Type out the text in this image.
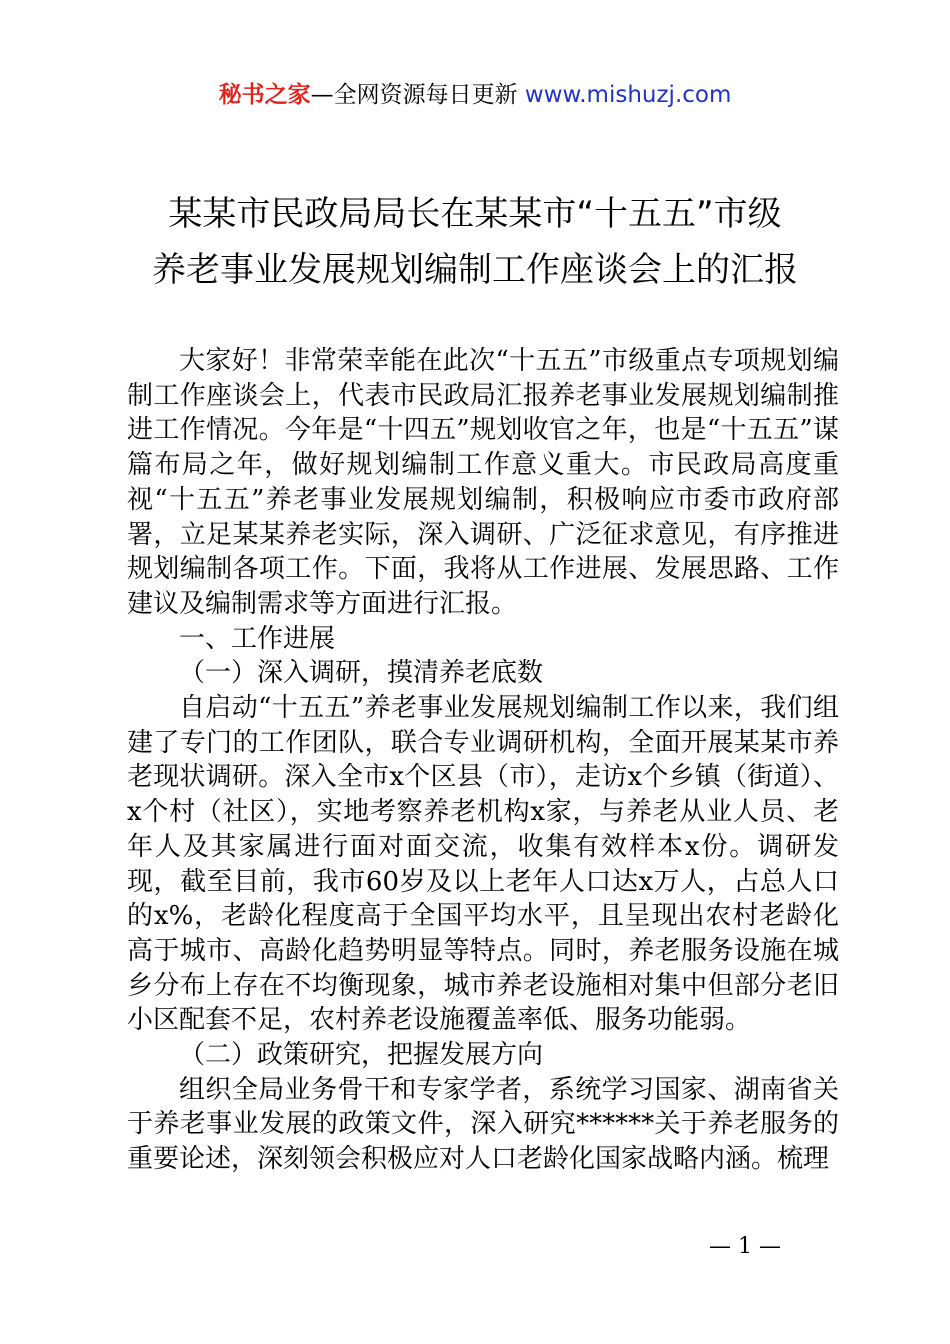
秘书之家—全网资源每日更新 www.mishuzj.com
某某市民政局局长在某某市“十五五”市级
养老事业发展规划编制工作座谈会上的汇报

大家好！非常荣幸能在此次“十五五”市级重点专项规划编制工作座谈会上，代表市民政局汇报养老事业发展规划编制推进工作情况。今年是“十四五”规划收官之年，也是“十五五”谋篇布局之年，做好规划编制工作意义重大。市民政局高度重视“十五五”养老事业发展规划编制，积极响应市委市政府部署，立足某某养老实际，深入调研、广泛征求意见，有序推进规划编制各项工作。下面，我将从工作进展、发展思路、工作建议及编制需求等方面进行汇报。

一、工作进展

（一）深入调研，摸清养老底数

自启动“十五五”养老事业发展规划编制工作以来，我们组建了专门的工作团队，联合专业调研机构，全面开展某某市养老现状调研。深入全市x个区县（市），走访x个乡镇（街道）、x个村（社区），实地考察养老机构x家，与养老从业人员、老年人及其家属进行面对面交流，收集有效样本x份。调研发现，截至目前，我市60岁及以上老年人口达x万人，占总人口的x%，老龄化程度高于全国平均水平，且呈现出农村老龄化高于城市、高龄化趋势明显等特点。同时，养老服务设施在城乡分布上存在不均衡现象，城市养老设施相对集中但部分老旧小区配套不足，农村养老设施覆盖率低、服务功能弱。

（二）政策研究，把握发展方向

组织全局业务骨干和专家学者，系统学习国家、湖南省关于养老事业发展的政策文件，深入研究******关于养老服务的重要论述，深刻领会积极应对人口老龄化国家战略内涵。梳理

— 1 —
